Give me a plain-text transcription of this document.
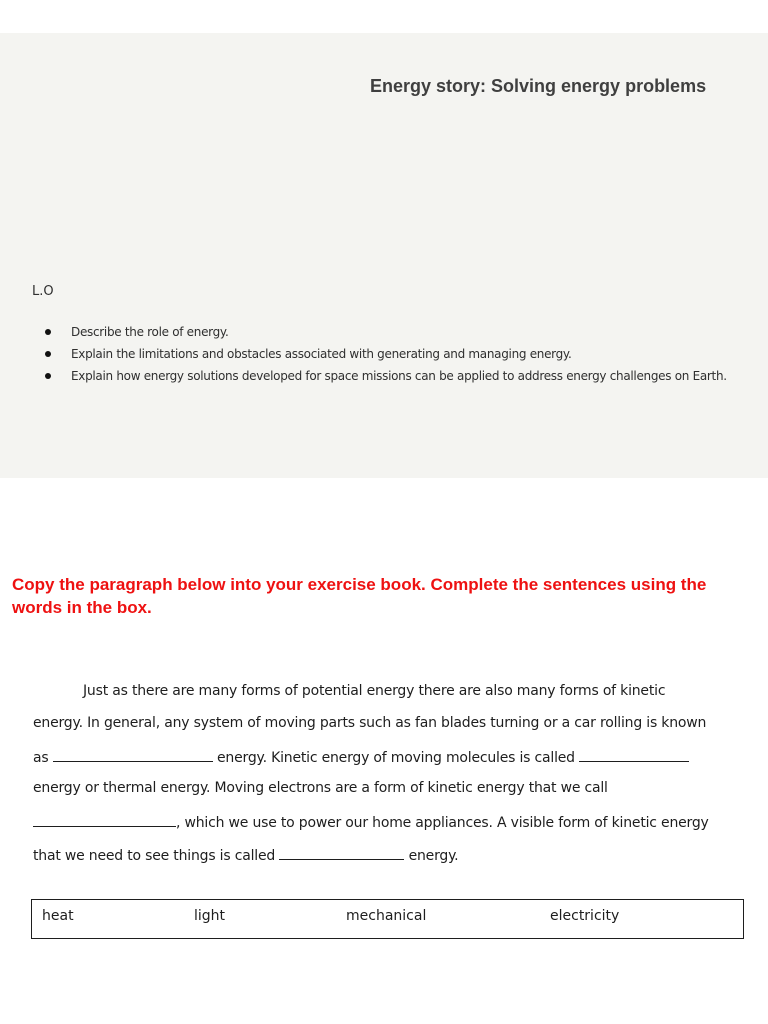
Energy story: Solving energy problems
L.O
Describe the role of energy.
Explain the limitations and obstacles associated with generating and managing energy.
Explain how energy solutions developed for space missions can be applied to address energy challenges on Earth.

Copy the paragraph below into your exercise book. Complete the sentences using the words in the box.

Just as there are many forms of potential energy there are also many forms of kinetic
energy. In general, any system of moving parts such as fan blades turning or a car rolling is known
as	energy. Kinetic energy of moving molecules is called
energy or thermal energy. Moving electrons are a form of kinetic energy that we call
, which we use to power our home appliances. A visible form of kinetic energy
that we need to see things is called	energy.
heat	light	mechanical	electricity
